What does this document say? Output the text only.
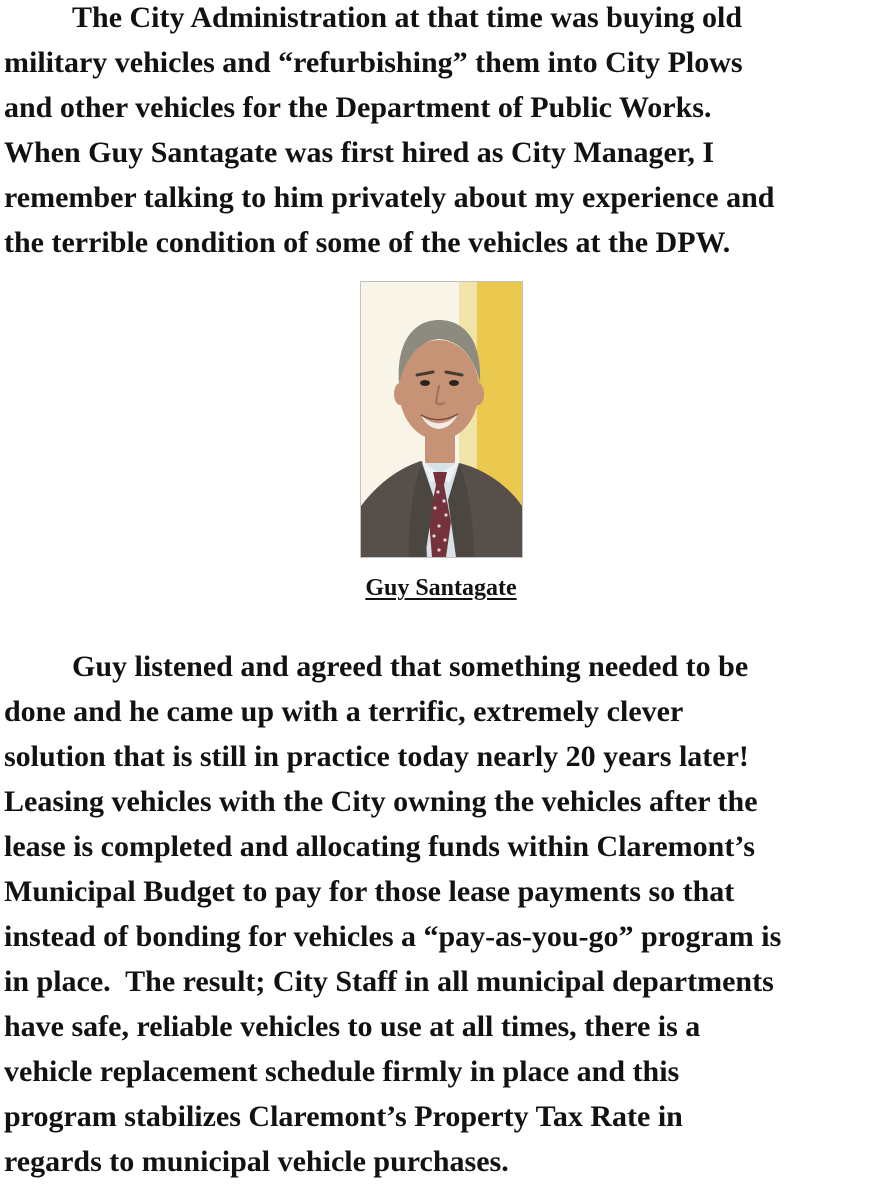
The City Administration at that time was buying old
military vehicles and “refurbishing” them into City Plows
and other vehicles for the Department of Public Works.
When Guy Santagate was first hired as City Manager, I
remember talking to him privately about my experience and
the terrible condition of some of the vehicles at the DPW.
Guy Santagate
Guy listened and agreed that something needed to be
done and he came up with a terrific, extremely clever
solution that is still in practice today nearly 20 years later!
Leasing vehicles with the City owning the vehicles after the
lease is completed and allocating funds within Claremont’s
Municipal Budget to pay for those lease payments so that
instead of bonding for vehicles a “pay-as-you-go” program is
in place.  The result; City Staff in all municipal departments
have safe, reliable vehicles to use at all times, there is a
vehicle replacement schedule firmly in place and this
program stabilizes Claremont’s Property Tax Rate in
regards to municipal vehicle purchases.
